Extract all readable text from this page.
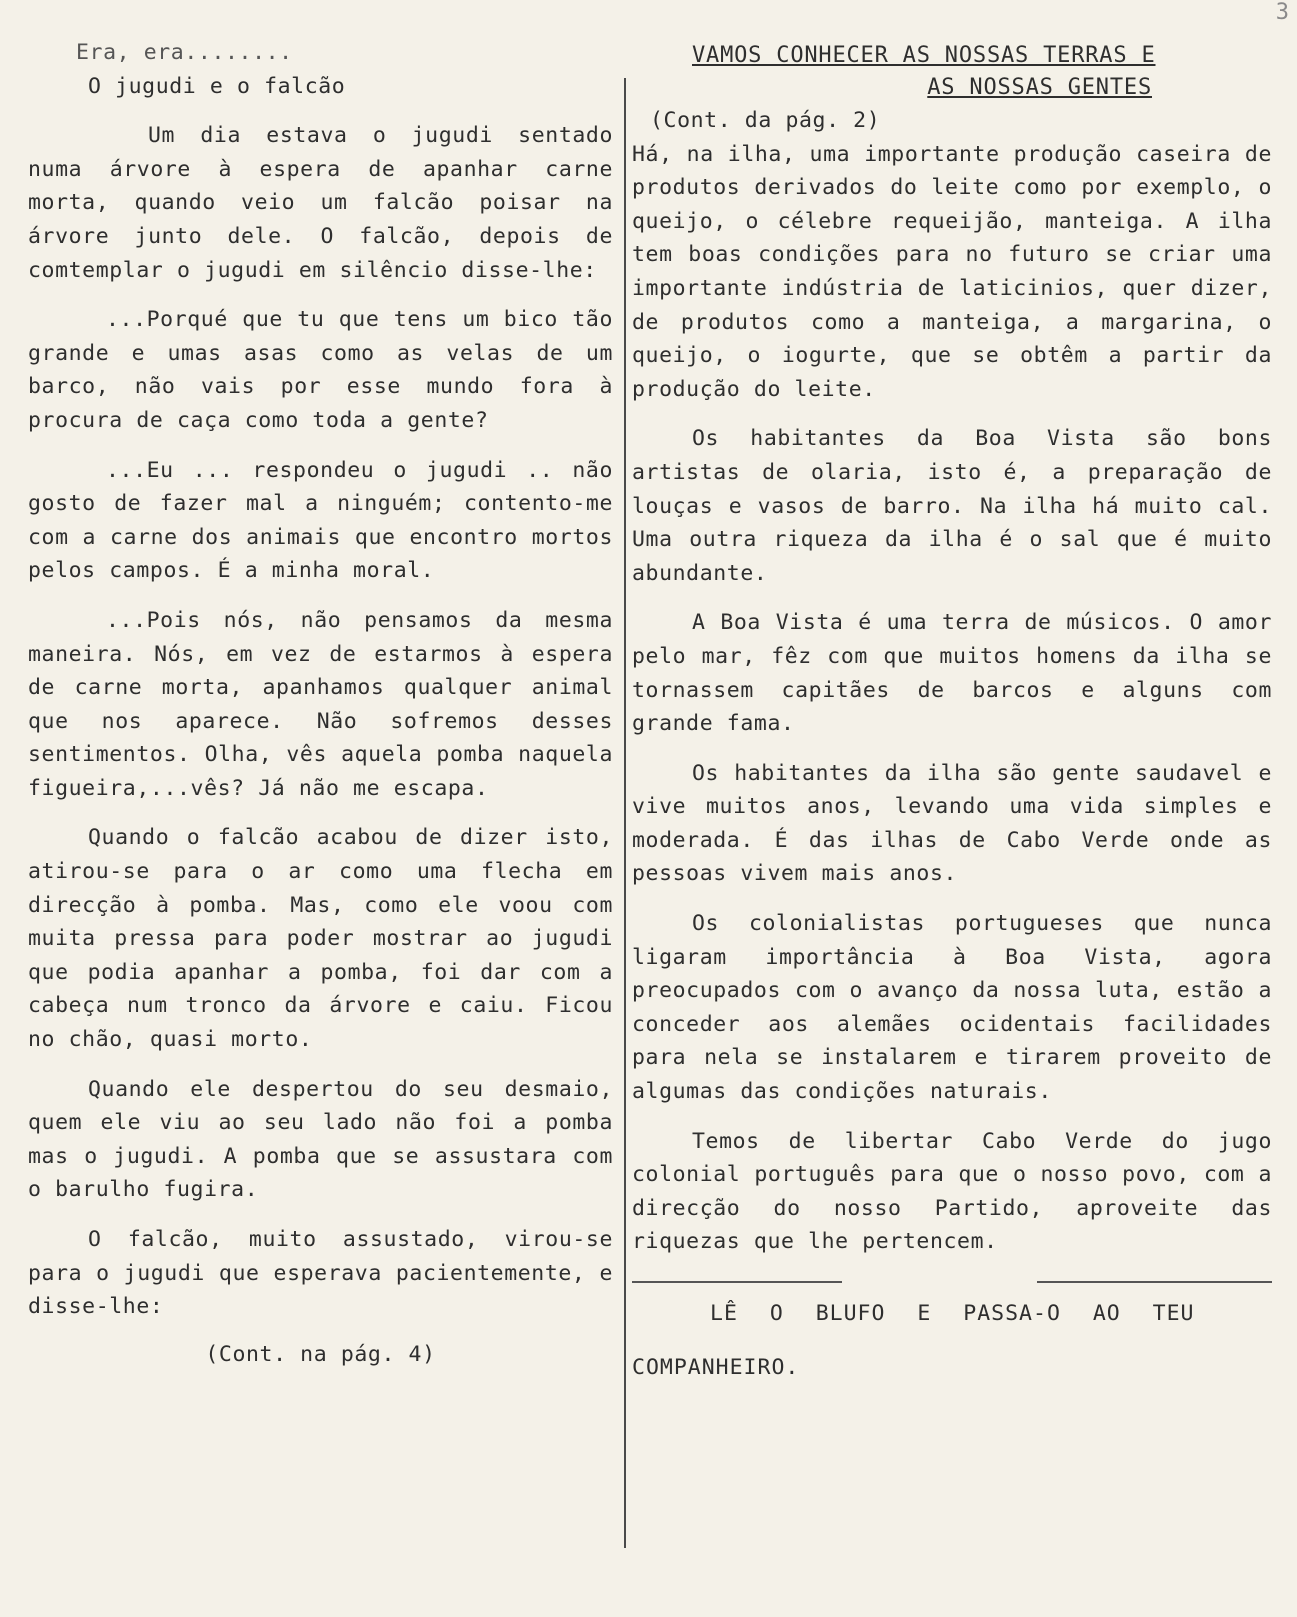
3

Era, era........

O jugudi e o falcão

Um dia estava o jugudi sentado numa árvore à espera de apanhar carne morta, quando veio um falcão poisar na árvore junto dele. O falcão, depois de comtemplar o jugudi em silêncio disse-lhe:

...Porqué que tu que tens um bico tão grande e umas asas como as velas de um barco, não vais por esse mundo fora à procura de caça como toda a gente?

...Eu ... respondeu o jugudi .. não gosto de fazer mal a ninguém; contento-me com a carne dos animais que encontro mortos pelos campos. É a minha moral.

...Pois nós, não pensamos da mesma maneira. Nós, em vez de estarmos à espera de carne morta, apanhamos qualquer animal que nos aparece. Não sofremos desses sentimentos. Olha, vês aquela pomba naquela figueira,...vês? Já não me escapa.

Quando o falcão acabou de dizer isto, atirou-se para o ar como uma flecha em direcção à pomba. Mas, como ele voou com muita pressa para poder mostrar ao jugudi que podia apanhar a pomba, foi dar com a cabeça num tronco da árvore e caiu. Ficou no chão, quasi morto.

Quando ele despertou do seu desmaio, quem ele viu ao seu lado não foi a pomba mas o jugudi. A pomba que se assustara com o barulho fugira.

O falcão, muito assustado, virou-se para o jugudi que esperava pacientemente, e disse-lhe:

(Cont. na pág. 4)

VAMOS CONHECER AS NOSSAS TERRAS E

AS NOSSAS GENTES

(Cont. da pág. 2)

Há, na ilha, uma importante produção caseira de produtos derivados do leite como por exemplo, o queijo, o célebre requeijão, manteiga. A ilha tem boas condições para no futuro se criar uma importante indústria de laticinios, quer dizer, de produtos como a manteiga, a margarina, o queijo, o iogurte, que se obtêm a partir da produção do leite.

Os habitantes da Boa Vista são bons artistas de olaria, isto é, a preparação de louças e vasos de barro. Na ilha há muito cal. Uma outra riqueza da ilha é o sal que é muito abundante.

A Boa Vista é uma terra de músicos. O amor pelo mar, fêz com que muitos homens da ilha se tornassem capitães de barcos e alguns com grande fama.

Os habitantes da ilha são gente saudavel e vive muitos anos, levando uma vida simples e moderada. É das ilhas de Cabo Verde onde as pessoas vivem mais anos.

Os colonialistas portugueses que nunca ligaram importância à Boa Vista, agora preocupados com o avanço da nossa luta, estão a conceder aos alemães ocidentais facilidades para nela se instalarem e tirarem proveito de algumas das condições naturais.

Temos de libertar Cabo Verde do jugo colonial português para que o nosso povo, com a direcção do nosso Partido, aproveite das riquezas que lhe pertencem.

LÊ O BLUFO E PASSA-O AO TEU

COMPANHEIRO.
